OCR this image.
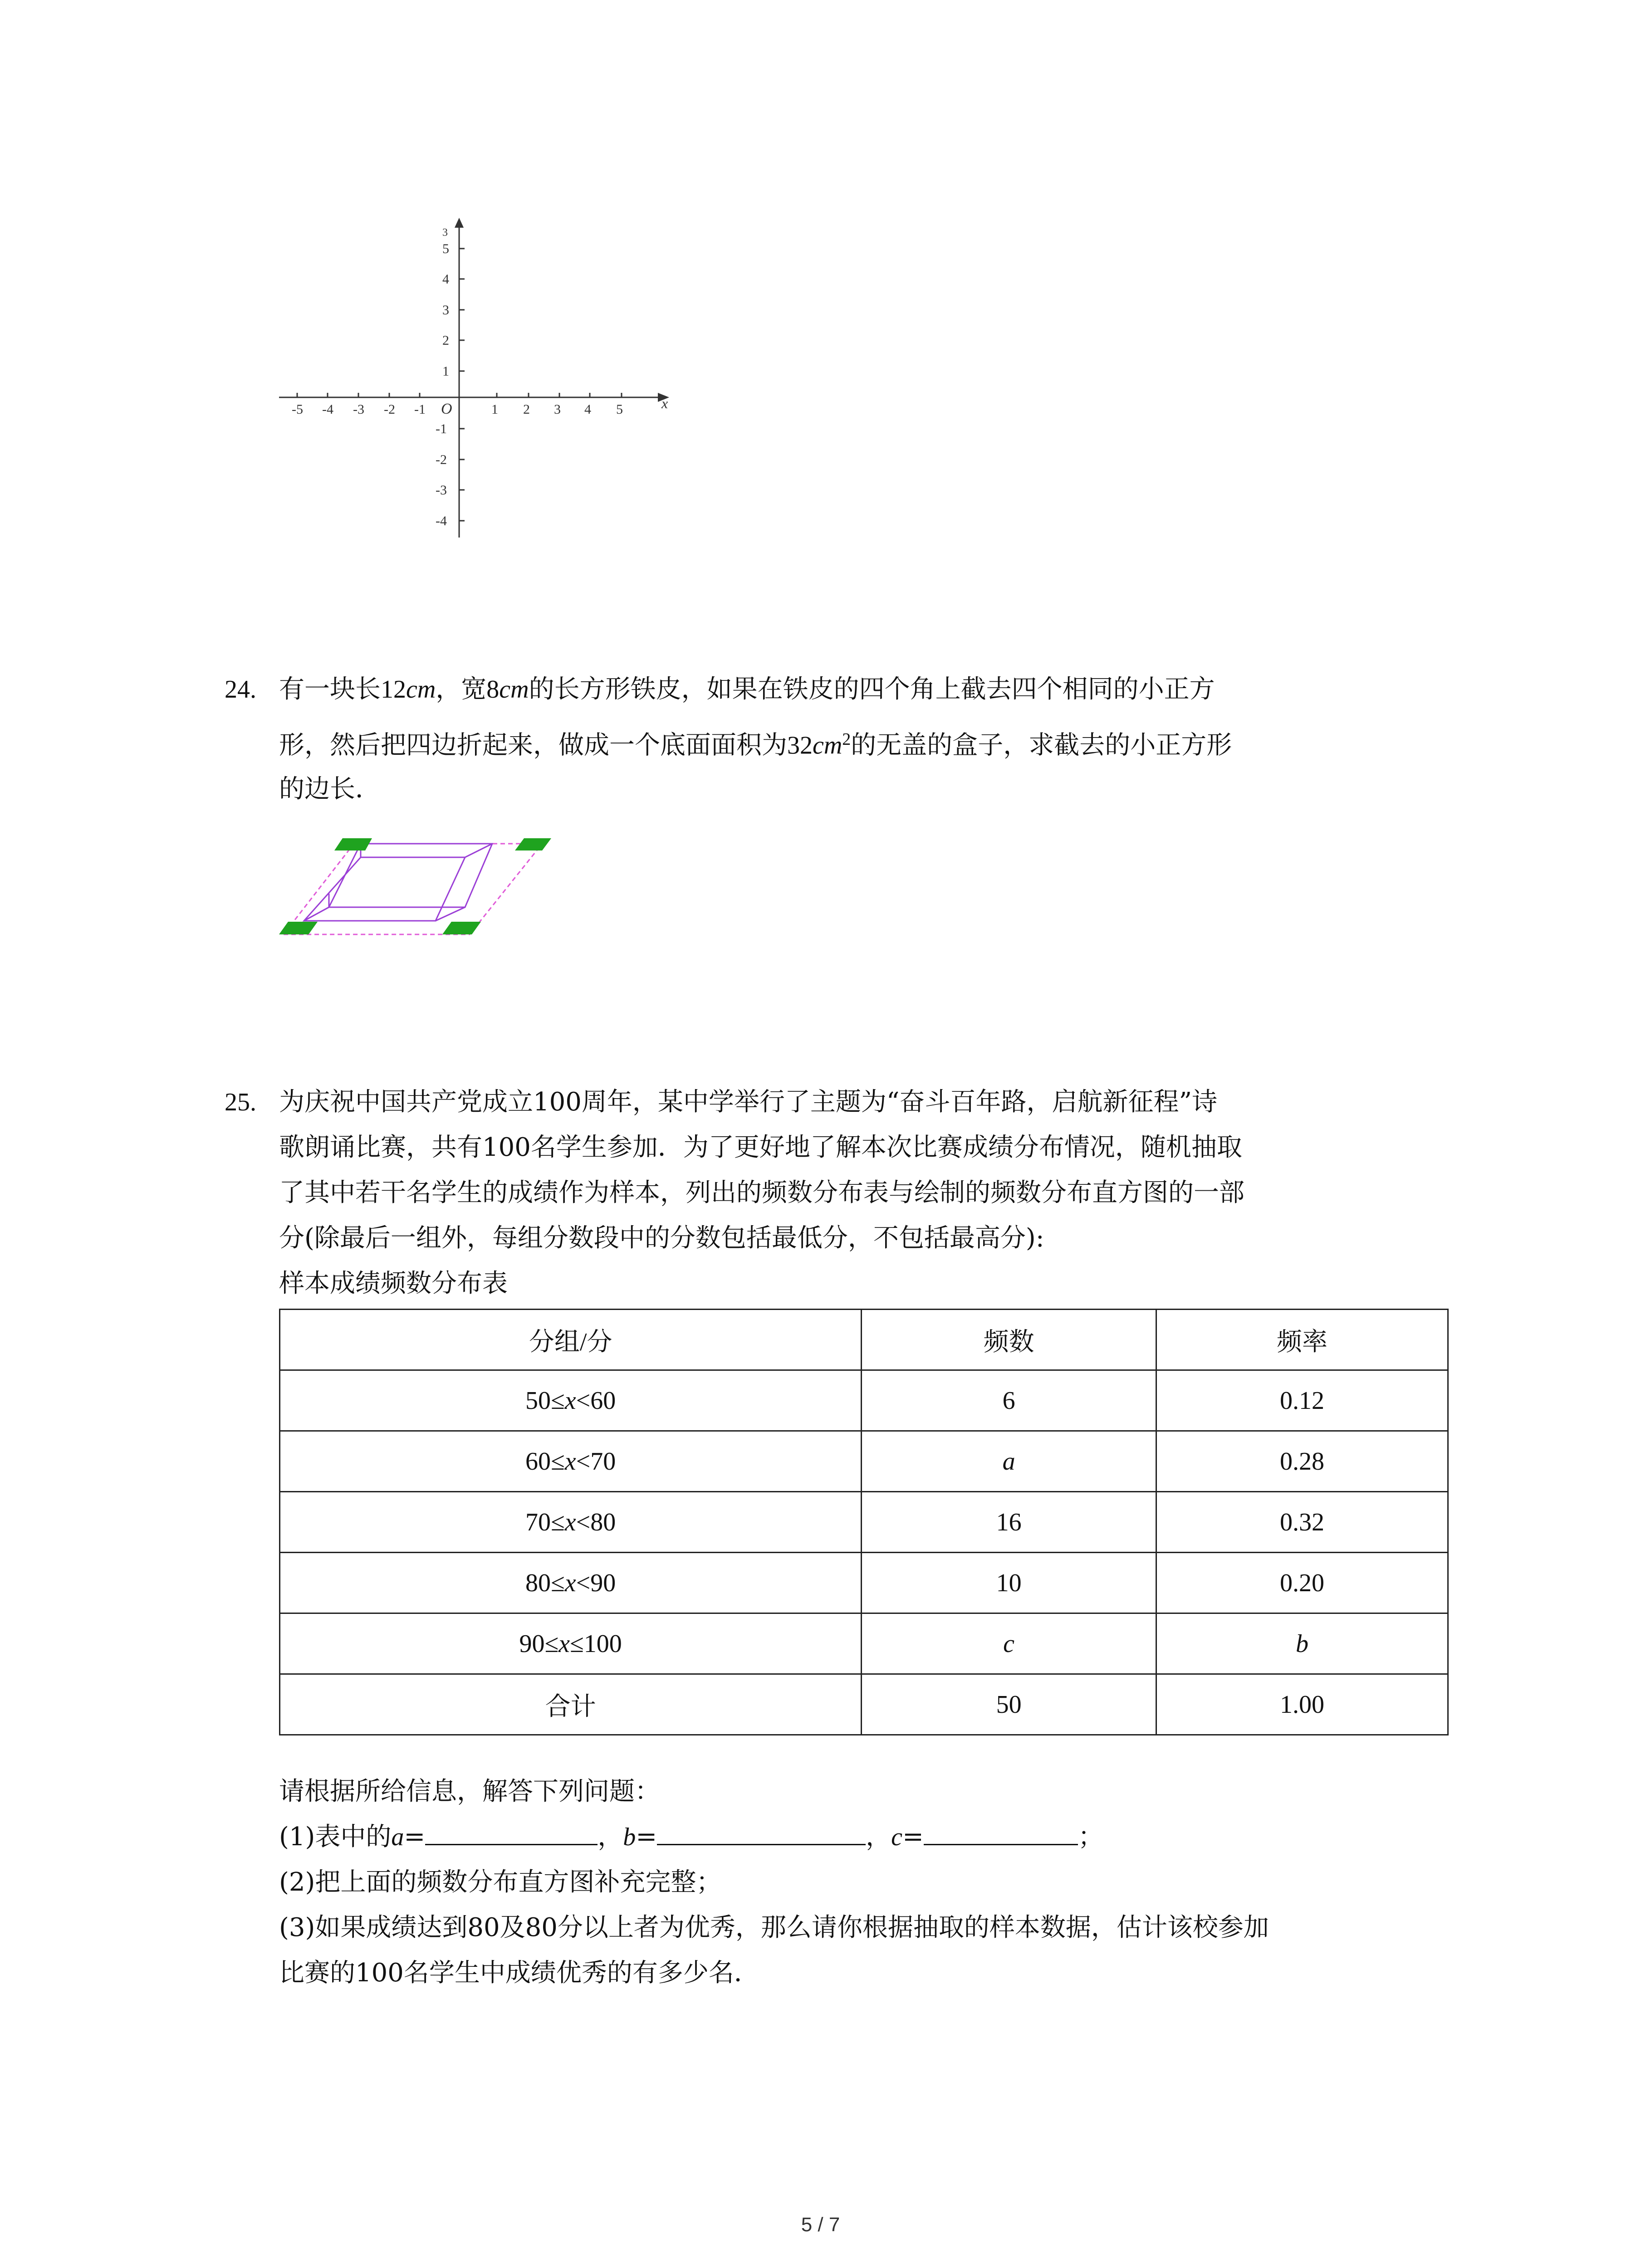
x
O
-5 -4 -3 -2 -1	1 2 3 4 5
3
5
4
3
2
1
-1
-2
-3
-4
24. 有一块长12cm，宽8cm的长方形铁皮，如果在铁皮的四个角上截去四个相同的小正方
形，然后把四边折起来，做成一个底面面积为$32cm^2$的无盖的盒子，求截去的小正方形
的边长．
25. 为庆祝中国共产党成立100周年，某中学举行了主题为“奋斗百年路，启航新征程”诗
歌朗诵比赛，共有100名学生参加．为了更好地了解本次比赛成绩分布情况，随机抽取
了其中若干名学生的成绩作为样本，列出的频数分布表与绘制的频数分布直方图的一部
分(除最后一组外，每组分数段中的分数包括最低分，不包括最高分):
样本成绩频数分布表
分组/分	频数	频率
50≤x<60	6	0.12
60≤x<70	a	0.28
70≤x<80	16	0.32
80≤x<90	10	0.20
90≤x≤100	c	b
合计	50	1.00
请根据所给信息，解答下列问题：
(1)表中的a=	，b=	，c=	；
(2)把上面的频数分布直方图补充完整；
(3)如果成绩达到80及80分以上者为优秀，那么请你根据抽取的样本数据，估计该校参加
比赛的100名学生中成绩优秀的有多少名．
5 / 7
